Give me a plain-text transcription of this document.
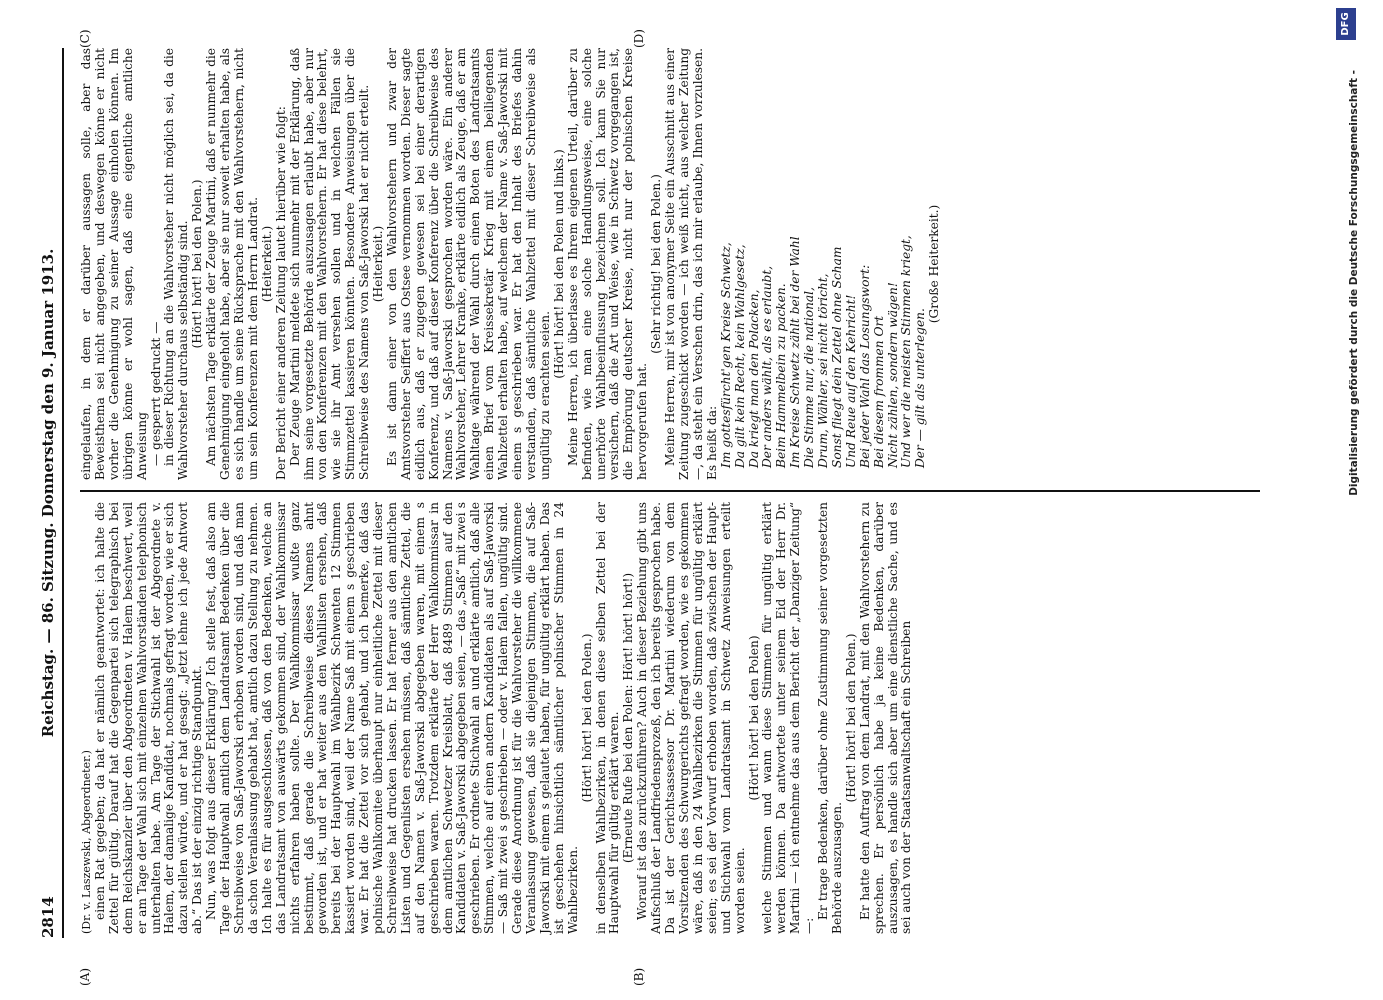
2814
Reichstag. — 86. Sitzung. Donnerstag den 9. Januar 1913.
(A)	(B)
(C)	(D)

(Dr. v. Laszewski, Abgeordneter.) einen Rat gegeben; da hat er nämlich geantwortet: ich halte die Zettel für gültig. Darauf hat die Gegenpartei sich telegraphisch bei dem Reichskanzler über den Abgeordneten v. Halem beschwert, weil er am Tage der Wahl sich mit einzelnen Wahlvorständen telephonisch unterhalten habe. Am Tage der Stichwahl ist der Abgeordnete v. Halem, der damalige Kandidat, nochmals gefragt worden, wie er sich dazu stellen würde, und er hat gesagt: „Jetzt lehne ich jede Antwort ab.“ Das ist der einzig richtige Standpunkt. Nun, was folgt aus dieser Erklärung? Ich stelle fest, daß also am Tage der Hauptwahl amtlich dem Landratsamt Bedenken über die Schreibweise von Saß-Jaworski erhoben worden sind, und daß man da schon Veranlassung gehabt hat, amtlich dazu Stellung zu nehmen. Ich halte es für ausgeschlossen, daß von den Bedenken, welche an das Landratsamt von auswärts gekommen sind, der Wahlkommissar nichts erfahren haben sollte. Der Wahlkommissar wußte ganz bestimmt, daß gerade die Schreibweise dieses Namens ahnt geworden ist, und er hat weiter aus den Wahllisten ersehen, daß bereits bei der Hauptwahl im Wahlbezirk Schwenten 12 Stimmen kassiert worden sind, weil der Name Saß mit einem s geschrieben war. Er hat die Zettel vor sich gehabt, und ich bemerke, daß das polnische Wahlkomitee überhaupt nur einheitliche Zettel mit dieser Schreibweise hat drucken lassen. Er hat ferner aus den amtlichen Listen und Gegenlisten ersehen müssen, daß sämtliche Zettel, die auf den Namen v. Saß-Jaworski abgegeben waren, mit einem s geschrieben waren. Trotzdem erklärte der Herr Wahlkommissar in dem amtlichen Schwetzer Kreisblatt, daß 8489 Stimmen auf den Kandidaten v. Saß-Jaworski abgegeben seien, — das „Saß“ mit zwei s geschrieben. Er ordnete Stichwahl an und erklärte amtlich, daß alle Stimmen, welche auf einen andern Kandidaten als auf Saß-Jaworski — Saß mit zwei s geschrieben — oder v. Halem fallen, ungültig sind. Gerade diese Anordnung ist für die Wahlvorsteher die willkommene Veranlassung gewesen, daß sie diejenigen Stimmen, die auf Saß-Jaworski mit einem s gelautet haben, für ungültig erklärt haben. Das ist geschehen hinsichtlich sämtlicher polnischer Stimmen in 24 Wahlbezirken.

(Hört! hört! bei den Polen.) in denselben Wahlbezirken, in denen diese selben Zettel bei der Hauptwahl für gültig erklärt waren. (Erneute Rufe bei den Polen: Hört! hört! hört!) Worauf ist das zurückzuführen? Auch in dieser Beziehung gibt uns Aufschluß der Landfriedensprozeß, den ich bereits gesprochen habe. Da ist der Gerichtsassessor Dr. Martini wiederum von dem Vorsitzenden des Schwurgerichts gefragt worden, wie es gekommen wäre, daß in den 24 Wahlbezirken die Stimmen für ungültig erklärt seien; es sei der Vorwurf erhoben worden, daß zwischen der Haupt- und Stichwahl vom Landratsamt in Schwetz Anweisungen erteilt worden seien.

(Hört! hört! bei den Polen) welche Stimmen und wann diese Stimmen für ungültig erklärt werden können. Da antwortete unter seinem Eid der Herr Dr. Martini — ich entnehme das aus dem Bericht der „Danziger Zeitung“ —:

Er trage Bedenken, darüber ohne Zustimmung seiner vorgesetzten Behörde auszusagen.

(Hört! hört! bei den Polen.) Er hatte den Auftrag von dem Landrat, mit den Wahlvorstehern zu sprechen. Er persönlich habe ja keine Bedenken, darüber auszusagen, es handle sich aber um eine dienstliche Sache, und es sei auch von der Staatsanwaltschaft ein Schreiben

eingelaufen, in dem er darüber aussagen solle, aber das Beweisthema sei nicht angegeben, und deswegen könne er nicht vorher die Genehmigung zu seiner Aussage einholen können. Im übrigen könne er wohl sagen, daß eine eigentliche amtliche Anweisung — gesperrt gedruckt — in dieser Richtung an die Wahlvorsteher nicht möglich sei, da die Wahlvorsteher durchaus selbständig sind. (Hört! hört! bei den Polen.) Am nächsten Tage erklärte der Zeuge Martini, daß er nunmehr die Genehmigung eingeholt habe, aber sie nur soweit erhalten habe, als es sich handle um seine Rücksprache mit den Wahlvorstehern, nicht um sein Konferenzen mit dem Herrn Landrat. (Heiterkeit.) Der Bericht einer anderen Zeitung lautet hierüber wie folgt: Der Zeuge Martini meldete sich nunmehr mit der Erklärung, daß ihm seine vorgesetzte Behörde auszusagen erlaubt habe, aber nur von den Konferenzen mit den Wahlvorstehern. Er hat diese belehrt, wie sie ihr Amt versehen sollen und in welchen Fällen sie Stimmzettel kassieren könnten. Besondere Anweisungen über die Schreibweise des Namens von Saß-Jaworski hat er nicht erteilt. (Heiterkeit.) Es ist dann einer von den Wahlvorstehern und zwar der Amtsvorsteher Seiffert aus Ostsee vernommen worden. Dieser sagte eidlich aus, daß er zugegen gewesen sei bei einer derartigen Konferenz, und daß auf dieser Konferenz über die Schreibweise des Namens v. Saß-Jaworski gesprochen worden wäre. Ein anderer Wahlvorsteher, Lehrer Kranke, erklärte eidlich als Zeuge, daß er am Wahltage während der Wahl durch einen Boten des Landratsamts einen Brief vom Kreissekretär Krieg mit einem beiliegenden Wahlzettel erhalten habe, auf welchem der Name v. Saß-Jaworski mit einem s geschrieben war. Er hat den Inhalt des Briefes dahin verstanden, daß sämtliche Wahlzettel mit dieser Schreibweise als ungültig zu erachten seien.

(Hört! hört! bei den Polen und links.) Meine Herren, ich überlasse es Ihrem eigenen Urteil, darüber zu befinden, wie man eine solche Handlungsweise, eine solche unerhörte Wahlbeeinflussung bezeichnen soll. Ich kann Sie nur versichern, daß die Art und Weise, wie in Schwetz vorgegangen ist, die Empörung deutscher Kreise, nicht nur der polnischen Kreise hervorgerufen hat.

(Sehr richtig! bei den Polen.) Meine Herren, mir ist von anonymer Seite ein Ausschnitt aus einer Zeitung zugeschickt worden — ich weiß nicht, aus welcher Zeitung —, da steht ein Verschen drin, das ich mir erlaube, Ihnen vorzulesen. Es heißt da: Im gottesfürcht'gen Kreise Schwetz, Da gilt kein Recht, kein Wahlgesetz, Da kriegt man den Polacken, Der anders wählt, als es erlaubt, Beim Hammelbein zu packen. Im Kreise Schwetz zählt bei der Wahl Die Stimme nur, die national, Drum, Wähler, sei nicht töricht, Sonst fliegt dein Zettel ohne Scham Und Reue auf den Kehricht! Bei jeder Wahl das Losungswort: Bei diesem frommen Ort Nicht zählen, sondern wägen! Und wer die meisten Stimmen kriegt, Der — gilt als unterlegen.

(Große Heiterkeit.)	Digitalisierung gefördert durch die Deutsche Forschungsgemeinschaft -
DFG
